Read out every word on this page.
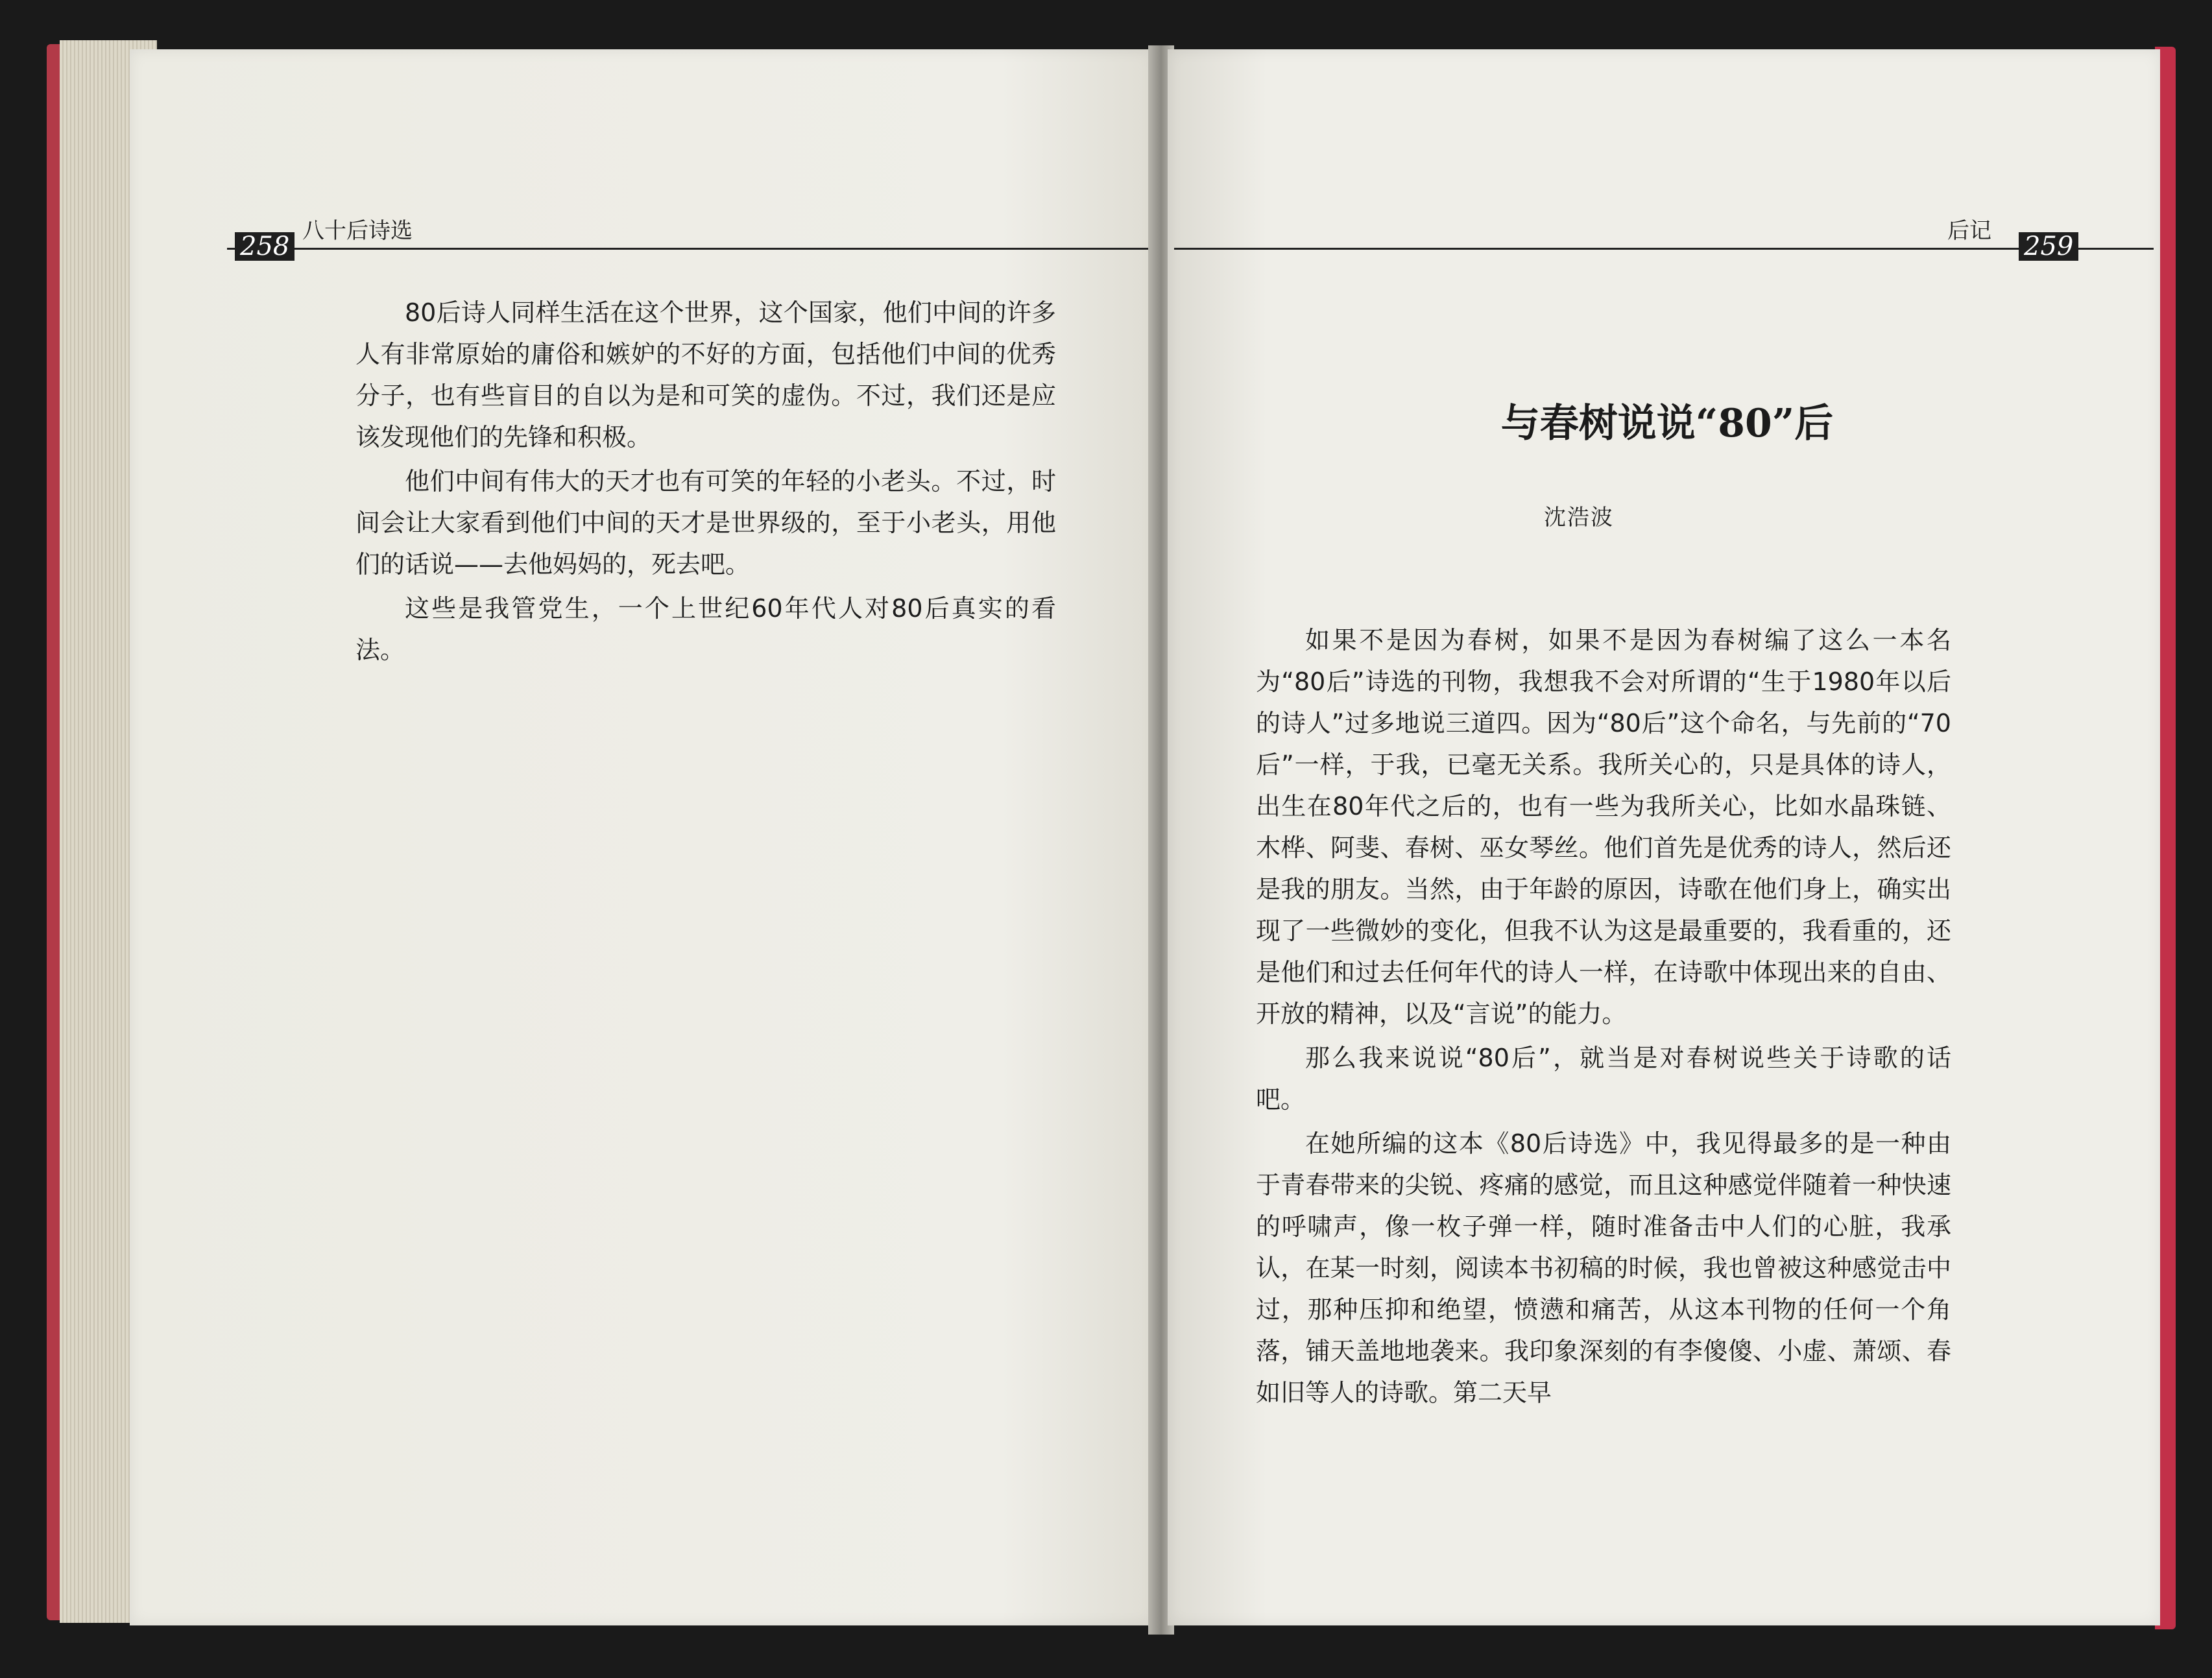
258
八十后诗选

80后诗人同样生活在这个世界，这个国家，他们中间的许多人有非常原始的庸俗和嫉妒的不好的方面，包括他们中间的优秀分子，也有些盲目的自以为是和可笑的虚伪。不过，我们还是应该发现他们的先锋和积极。

他们中间有伟大的天才也有可笑的年轻的小老头。不过，时间会让大家看到他们中间的天才是世界级的，至于小老头，用他们的话说——去他妈妈的，死去吧。

这些是我管党生，一个上世纪60年代人对80后真实的看法。

后记
259
与春树说说“80”后
沈浩波

如果不是因为春树，如果不是因为春树编了这么一本名为“80后”诗选的刊物，我想我不会对所谓的“生于1980年以后的诗人”过多地说三道四。因为“80后”这个命名，与先前的“70后”一样，于我，已毫无关系。我所关心的，只是具体的诗人，出生在80年代之后的，也有一些为我所关心，比如水晶珠链、木桦、阿斐、春树、巫女琴丝。他们首先是优秀的诗人，然后还是我的朋友。当然，由于年龄的原因，诗歌在他们身上，确实出现了一些微妙的变化，但我不认为这是最重要的，我看重的，还是他们和过去任何年代的诗人一样，在诗歌中体现出来的自由、开放的精神，以及“言说”的能力。

那么我来说说“80后”，就当是对春树说些关于诗歌的话吧。

在她所编的这本《80后诗选》中，我见得最多的是一种由于青春带来的尖锐、疼痛的感觉，而且这种感觉伴随着一种快速的呼啸声，像一枚子弹一样，随时准备击中人们的心脏，我承认，在某一时刻，阅读本书初稿的时候，我也曾被这种感觉击中过，那种压抑和绝望，愤懑和痛苦，从这本刊物的任何一个角落，铺天盖地地袭来。我印象深刻的有李傻傻、小虚、萧颂、春如旧等人的诗歌。第二天早
